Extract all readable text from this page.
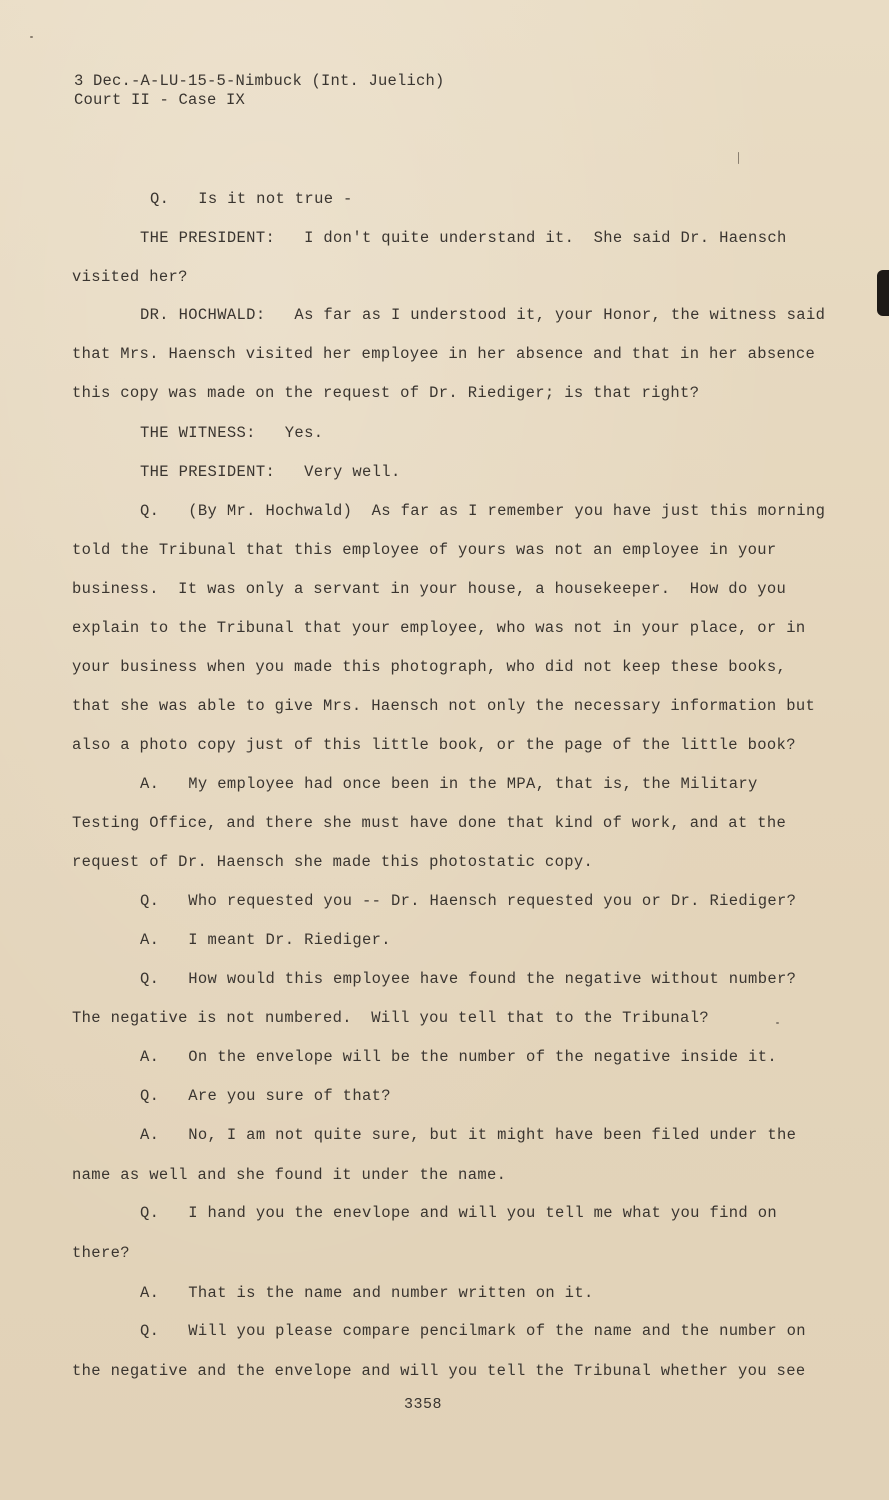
3 Dec.-A-LU-15-5-Nimbuck (Int. Juelich)
Court II - Case IX
Q.   Is it not true -
THE PRESIDENT:   I don't quite understand it.  She said Dr. Haensch
visited her?
DR. HOCHWALD:   As far as I understood it, your Honor, the witness said
that Mrs. Haensch visited her employee in her absence and that in her absence
this copy was made on the request of Dr. Riediger; is that right?
THE WITNESS:   Yes.
THE PRESIDENT:   Very well.
Q.   (By Mr. Hochwald)  As far as I remember you have just this morning
told the Tribunal that this employee of yours was not an employee in your
business.  It was only a servant in your house, a housekeeper.  How do you
explain to the Tribunal that your employee, who was not in your place, or in
your business when you made this photograph, who did not keep these books,
that she was able to give Mrs. Haensch not only the necessary information but
also a photo copy just of this little book, or the page of the little book?
A.   My employee had once been in the MPA, that is, the Military
Testing Office, and there she must have done that kind of work, and at the
request of Dr. Haensch she made this photostatic copy.
Q.   Who requested you -- Dr. Haensch requested you or Dr. Riediger?
A.   I meant Dr. Riediger.
Q.   How would this employee have found the negative without number?
The negative is not numbered.  Will you tell that to the Tribunal?
A.   On the envelope will be the number of the negative inside it.
Q.   Are you sure of that?
A.   No, I am not quite sure, but it might have been filed under the
name as well and she found it under the name.
Q.   I hand you the enevlope and will you tell me what you find on
there?
A.   That is the name and number written on it.
Q.   Will you please compare pencilmark of the name and the number on
the negative and the envelope and will you tell the Tribunal whether you see
3358
